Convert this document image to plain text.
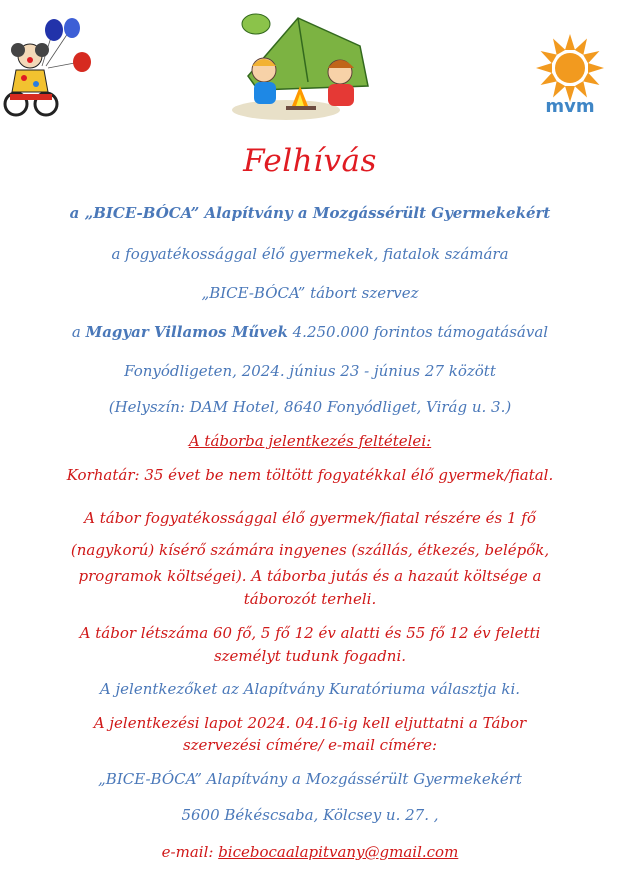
mvm
Felhívás
a „BICE-BÓCA” Alapítvány a Mozgássérült Gyermekekért
a fogyatékossággal élő gyermekek, fiatalok számára
„BICE-BÓCA” tábort szervez
a Magyar Villamos Művek 4.250.000 forintos támogatásával
Fonyódligeten, 2024. június 23 - június 27 között
(Helyszín: DAM Hotel, 8640 Fonyódliget, Virág u. 3.)
A táborba jelentkezés feltételei:
Korhatár: 35 évet be nem töltött fogyatékkal élő gyermek/fiatal.
A tábor fogyatékossággal élő gyermek/fiatal részére és 1 fő
(nagykorú) kísérő számára ingyenes (szállás, étkezés, belépők,
programok költségei). A táborba jutás és a hazaút költsége a
táborozót terheli.
A tábor létszáma 60 fő, 5 fő 12 év alatti és 55 fő 12 év feletti
személyt tudunk fogadni.
A jelentkezőket az Alapítvány Kuratóriuma választja ki.
A jelentkezési lapot 2024. 04.16-ig kell eljuttatni a Tábor
szervezési címére/ e-mail címére:
„BICE-BÓCA” Alapítvány a Mozgássérült Gyermekekért
5600 Békéscsaba, Kölcsey u. 27. ,
e-mail: bicebocaalapitvany@gmail.com
